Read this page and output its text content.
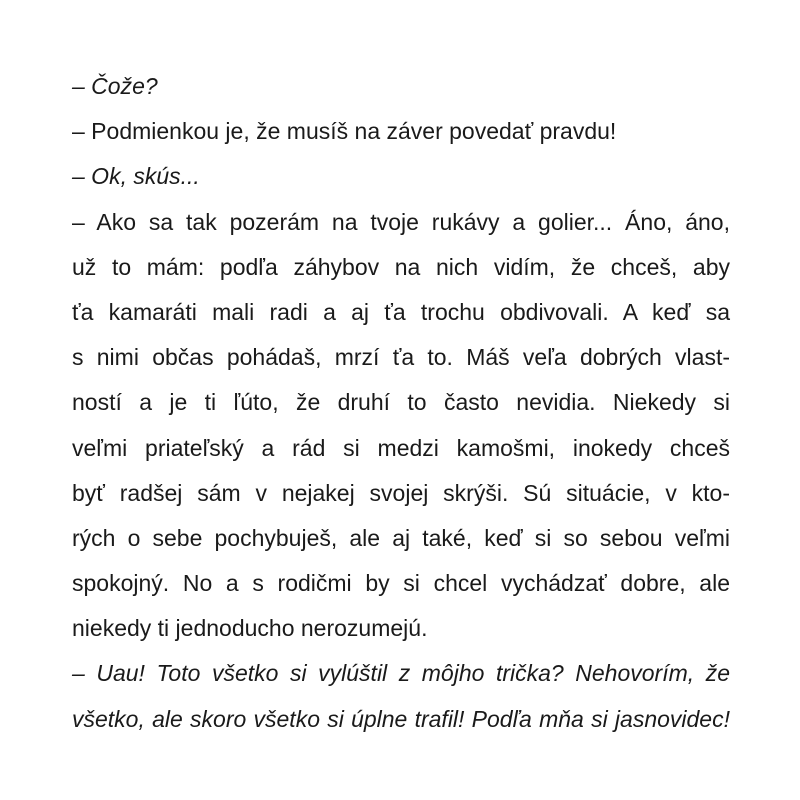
– Čože?
– Podmienkou je, že musíš na záver povedať pravdu!
– Ok, skús...
– Ako sa tak pozerám na tvoje rukávy a golier... Áno, áno,
už to mám: podľa záhybov na nich vidím, že chceš, aby
ťa kamaráti mali radi a aj ťa trochu obdivovali. A keď sa
s nimi občas pohádaš, mrzí ťa to. Máš veľa dobrých vlast-
ností a je ti ľúto, že druhí to často nevidia. Niekedy si
veľmi priateľský a rád si medzi kamošmi, inokedy chceš
byť radšej sám v nejakej svojej skrýši. Sú situácie, v kto-
rých o sebe pochybuješ, ale aj také, keď si so sebou veľmi
spokojný. No a s rodičmi by si chcel vychádzať dobre, ale
niekedy ti jednoducho nerozumejú.
– Uau! Toto všetko si vylúštil z môjho trička? Nehovorím, že
všetko, ale skoro všetko si úplne trafil! Podľa mňa si jasnovidec!
